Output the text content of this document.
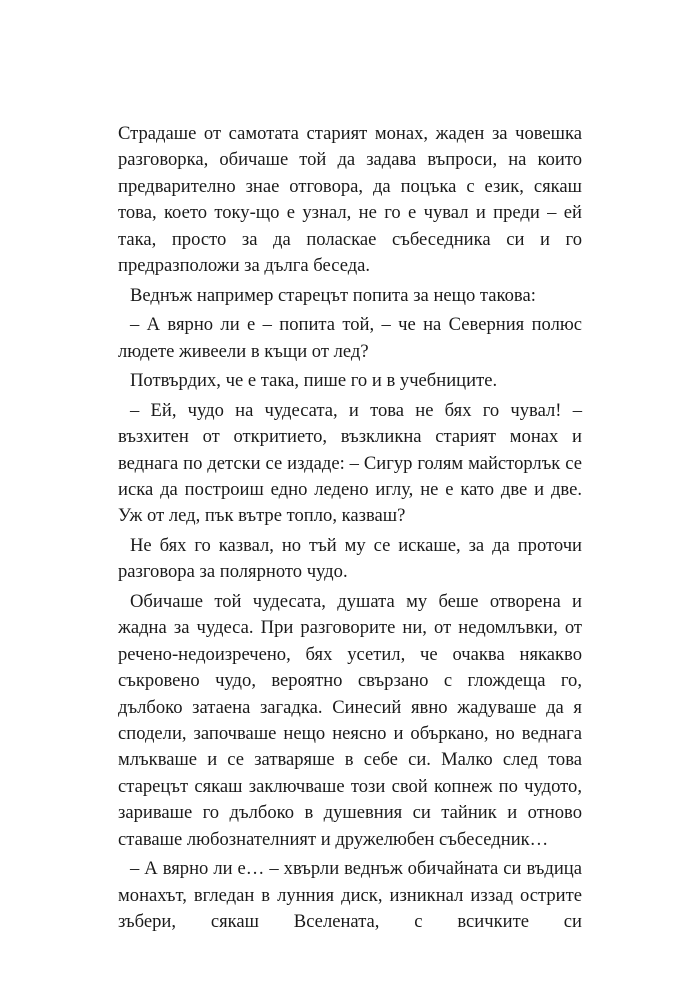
Страдаше от самотата старият монах, жаден за човешка разговорка, обичаше той да задава въпроси, на които предварително знае отговора, да поцъка с език, сякаш това, което току-що е узнал, не го е чувал и преди – ей така, просто за да поласкае събеседника си и го предразположи за дълга беседа.

Веднъж например старецът попита за нещо такова:

– А вярно ли е – попита той, – че на Северния полюс людете живеели в къщи от лед?

Потвърдих, че е така, пише го и в учебниците.

– Ей, чудо на чудесата, и това не бях го чувал! – възхитен от откритието, възкликна старият монах и веднага по детски се издаде: – Сигур голям майсторлък се иска да построиш едно ледено иглу, не е като две и две. Уж от лед, пък вътре топло, казваш?

Не бях го казвал, но тъй му се искаше, за да проточи разговора за полярното чудо.

Обичаше той чудесата, душата му беше отворена и жадна за чудеса. При разговорите ни, от недомлъвки, от речено-недоизречено, бях усетил, че очаква някакво съкровено чудо, вероятно свързано с глождеща го, дълбоко затаена загадка. Синесий явно жадуваше да я сподели, започваше нещо неясно и объркано, но веднага млъкваше и се затваряше в себе си. Малко след това старецът сякаш заключваше този свой копнеж по чудото, зариваше го дълбоко в душевния си тайник и отново ставаше любознателният и дружелюбен събеседник…

– А вярно ли е… – хвърли веднъж обичайната си въдица монахът, вгледан в лунния диск, изникнал иззад острите зъбери, сякаш Вселената, с всичките си
